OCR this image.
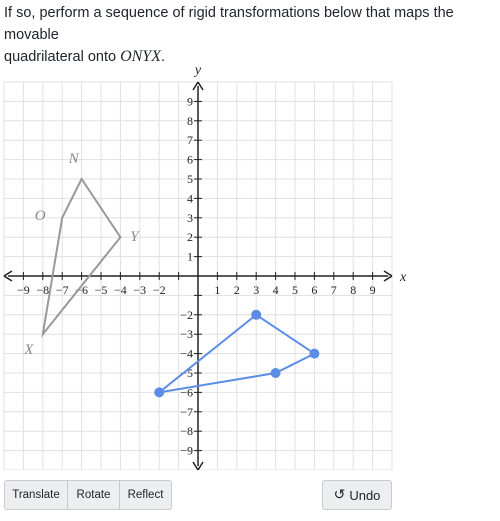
If so, perform a sequence of rigid transformations below that maps the movable
quadrilateral onto ONYX.
−9 −8 −7 −6 −5 −4 −3 −2	1 2 3 4 5 6 7 8 9
9
8
7
6
5
4
3
2
1
−2
−3
−4
−5
−6
−7
−8
−9
x
y
O
N
Y
X
Translate	Rotate	Reflect	↺ Undo
